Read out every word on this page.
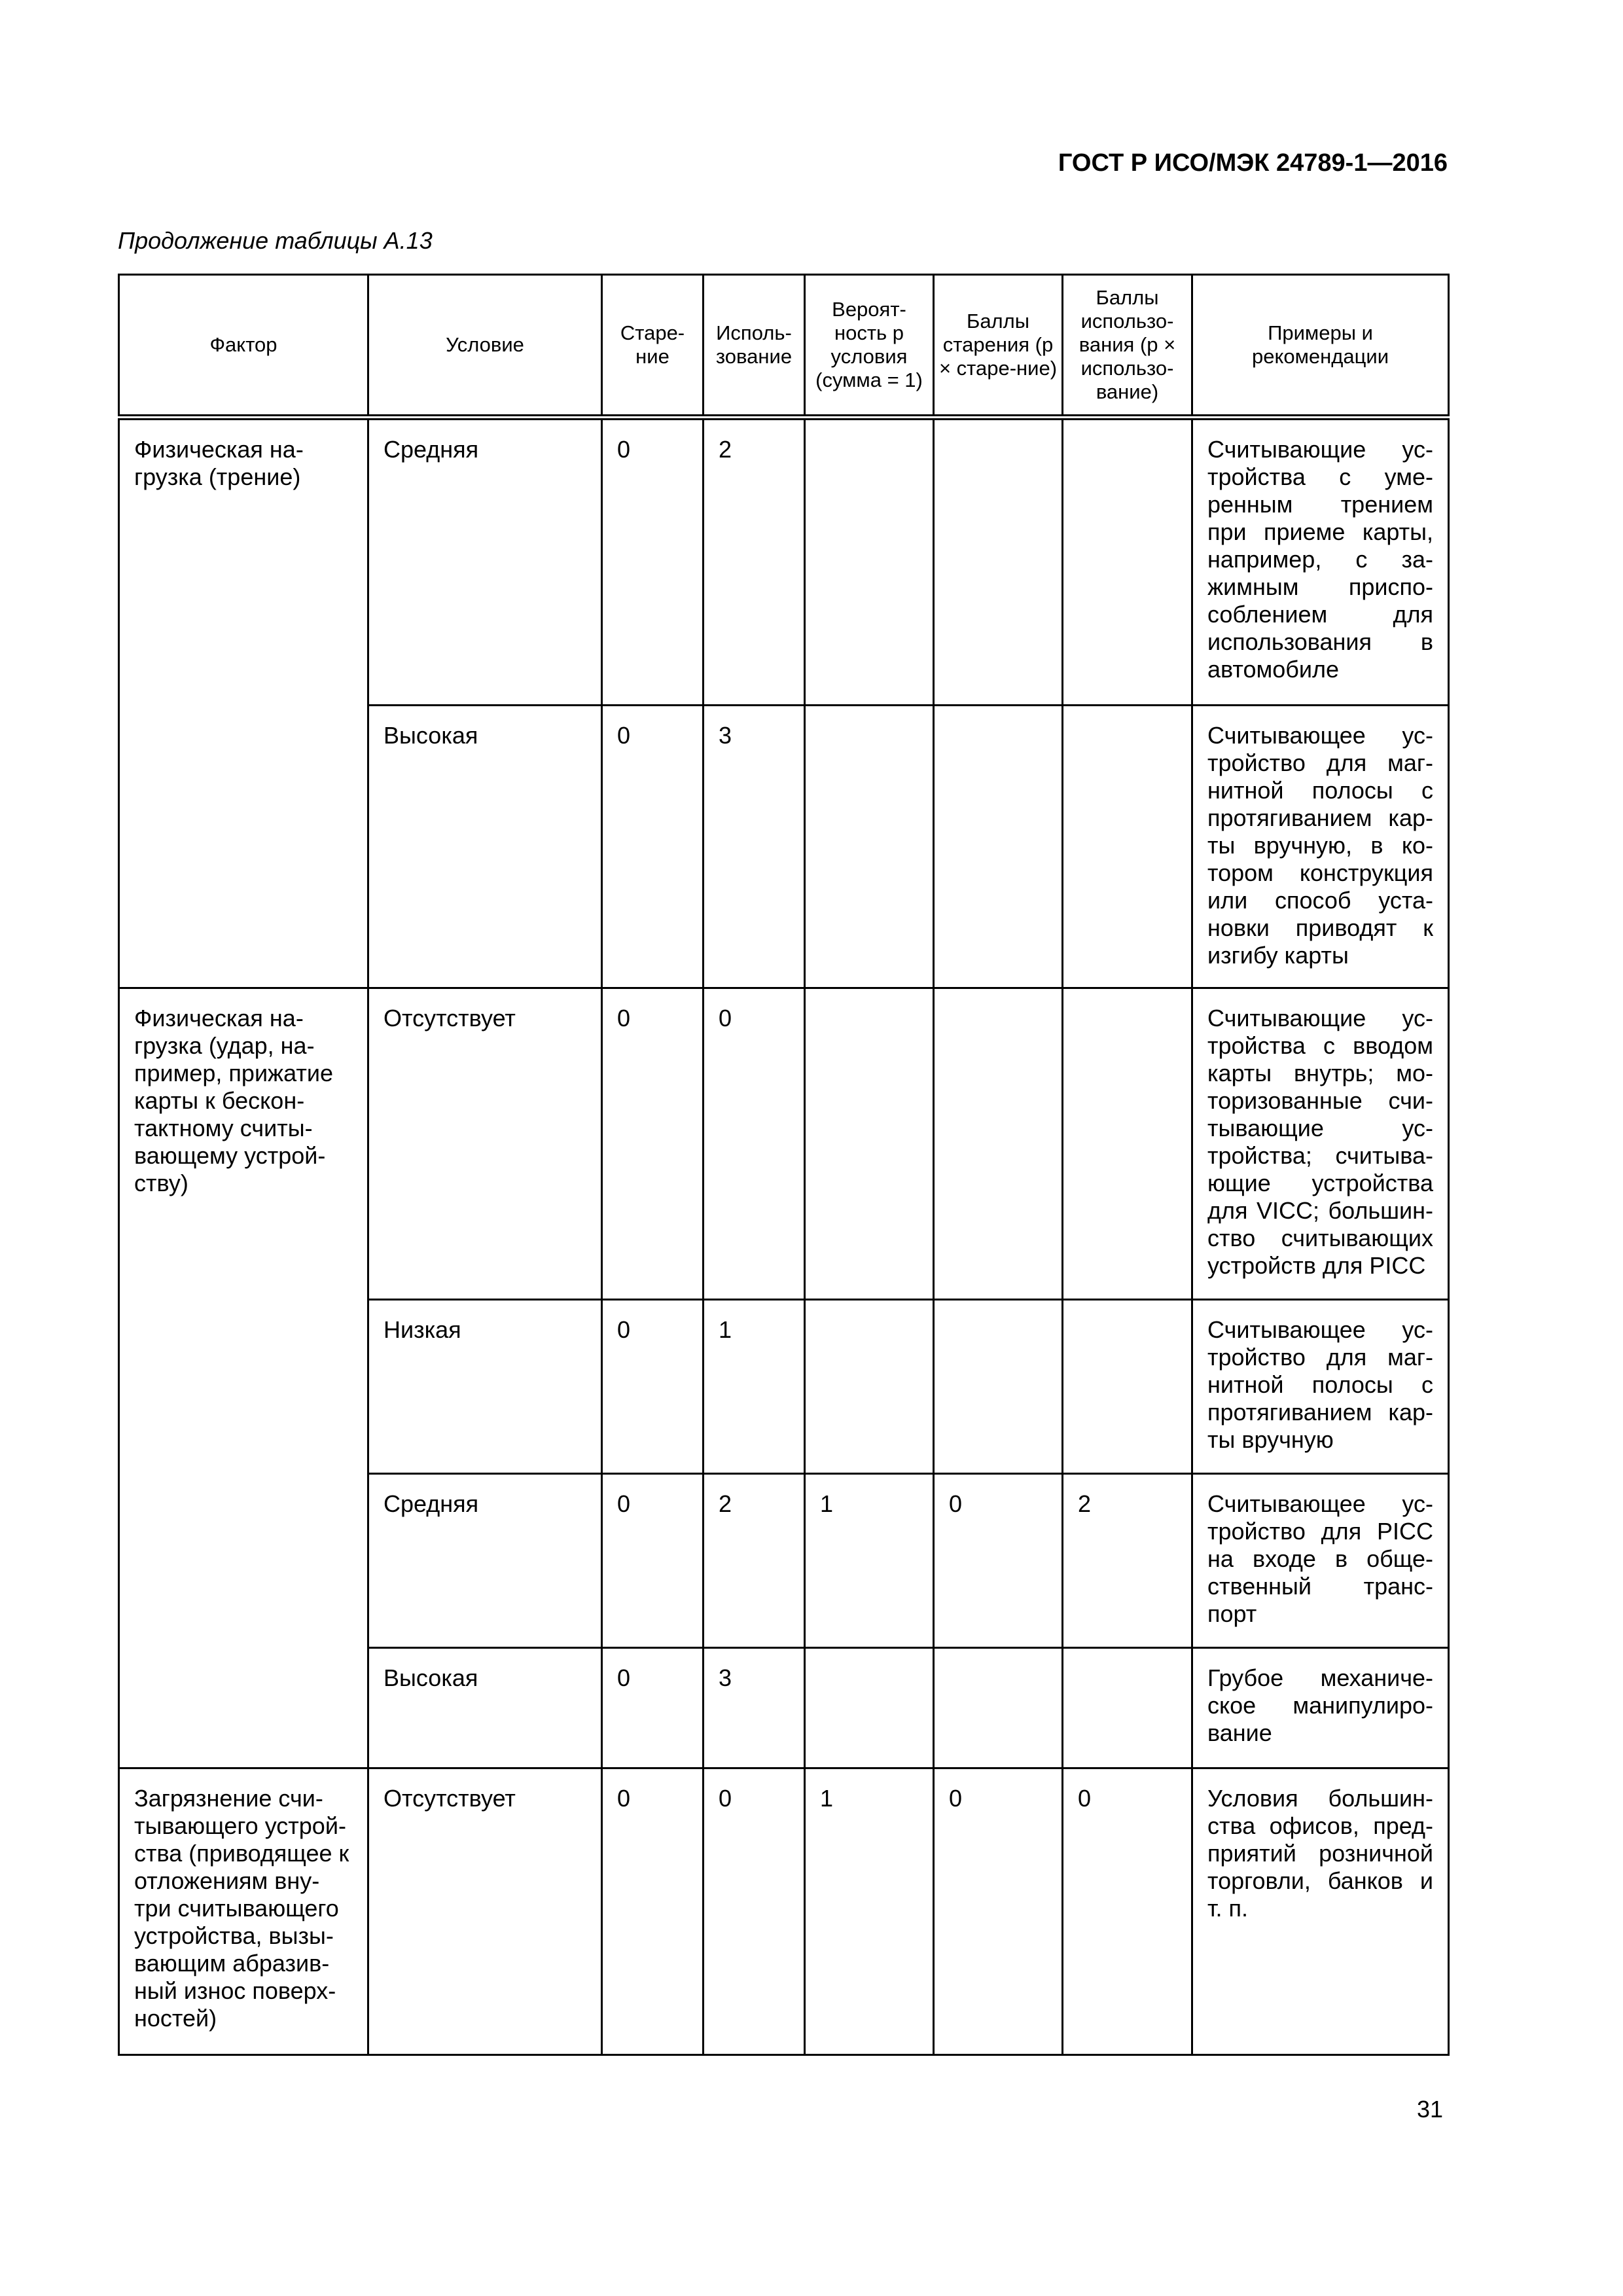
ГОСТ Р ИСО/МЭК 24789-1—2016
Продолжение таблицы А.13
Фактор	Условие	Старе-ние	Исполь-зование	Вероят-ность p условия (сумма = 1)	Баллы старения (p × старе-ние)	Баллы использо-вания (p × использо-вание)	Примеры и рекомендации
Физическая на-грузка (трение)	Средняя	0	2				Считывающие ус-тройства с уме-ренным трением при приеме карты, например, с за-жимным приспо-соблением для использования в автомобиле
	Высокая	0	3				Считывающее ус-тройство для маг-нитной полосы с протягиванием кар-ты вручную, в ко-тором конструкция или способ уста-новки приводят к изгибу карты
Физическая на-грузка (удар, на-пример, прижатие карты к бескон-тактному считы-вающему устрой-ству)	Отсутствует	0	0				Считывающие ус-тройства с вводом карты внутрь; мо-торизованные счи-тывающие ус-тройства; считыва-ющие устройства для VICC; большин-ство считывающих устройств для PICC
	Низкая	0	1				Считывающее ус-тройство для маг-нитной полосы с протягиванием кар-ты вручную
	Средняя	0	2	1	0	2	Считывающее ус-тройство для PICC на входе в обще-ственный транс-порт
	Высокая	0	3				Грубое механиче-ское манипулиро-вание
Загрязнение счи-тывающего устрой-ства (приводящее к отложениям вну-три считывающего устройства, вызы-вающим абразив-ный износ поверх-ностей)	Отсутствует	0	0	1	0	0	Условия большин-ства офисов, пред-приятий розничной торговли, банков и т. п.
31
